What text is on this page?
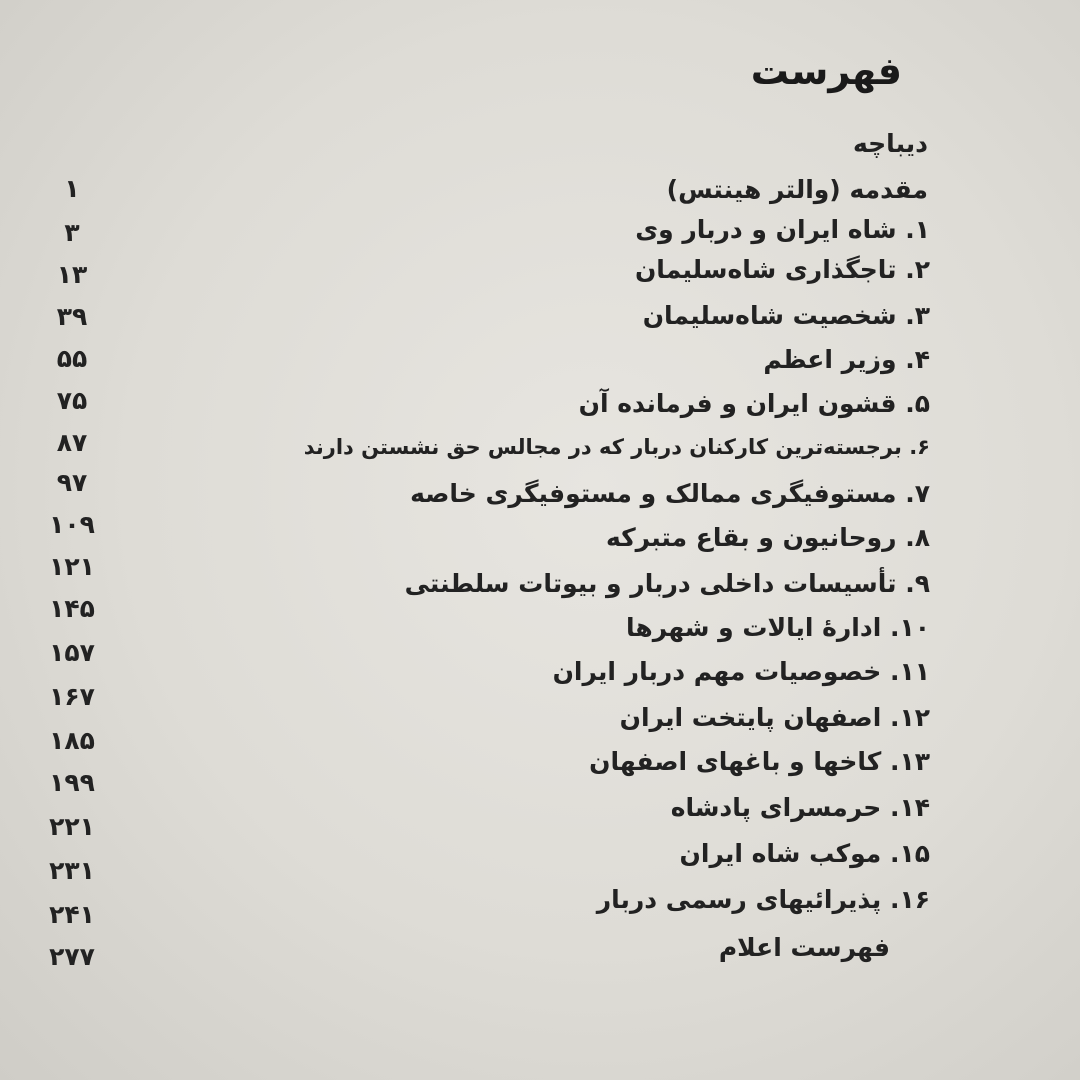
فهرست
دیباچه
مقدمه (والتر هینتس)
۱. شاه ایران و دربار وی
۲. تاجگذاری شاه‌سلیمان
۳. شخصیت شاه‌سلیمان
۴. وزیر اعظم
۵. قشون ایران و فرمانده آن
۶. برجسته‌ترین کارکنان دربار که در مجالس حق نشستن دارند
۷. مستوفیگری ممالک و مستوفیگری خاصه
۸. روحانیون و بقاع متبرکه
۹. تأسیسات داخلی دربار و بیوتات سلطنتی
۱۰. ادارهٔ ایالات و شهرها
۱۱. خصوصیات مهم دربار ایران
۱۲. اصفهان پایتخت ایران
۱۳. کاخها و باغهای اصفهان
۱۴. حرمسرای پادشاه
۱۵. موکب شاه ایران
۱۶. پذیرائیهای رسمی دربار
فهرست اعلام
۱
۳
۱۳
۳۹
۵۵
۷۵
۸۷
۹۷
۱۰۹
۱۲۱
۱۴۵
۱۵۷
۱۶۷
۱۸۵
۱۹۹
۲۲۱
۲۳۱
۲۴۱
۲۷۷
